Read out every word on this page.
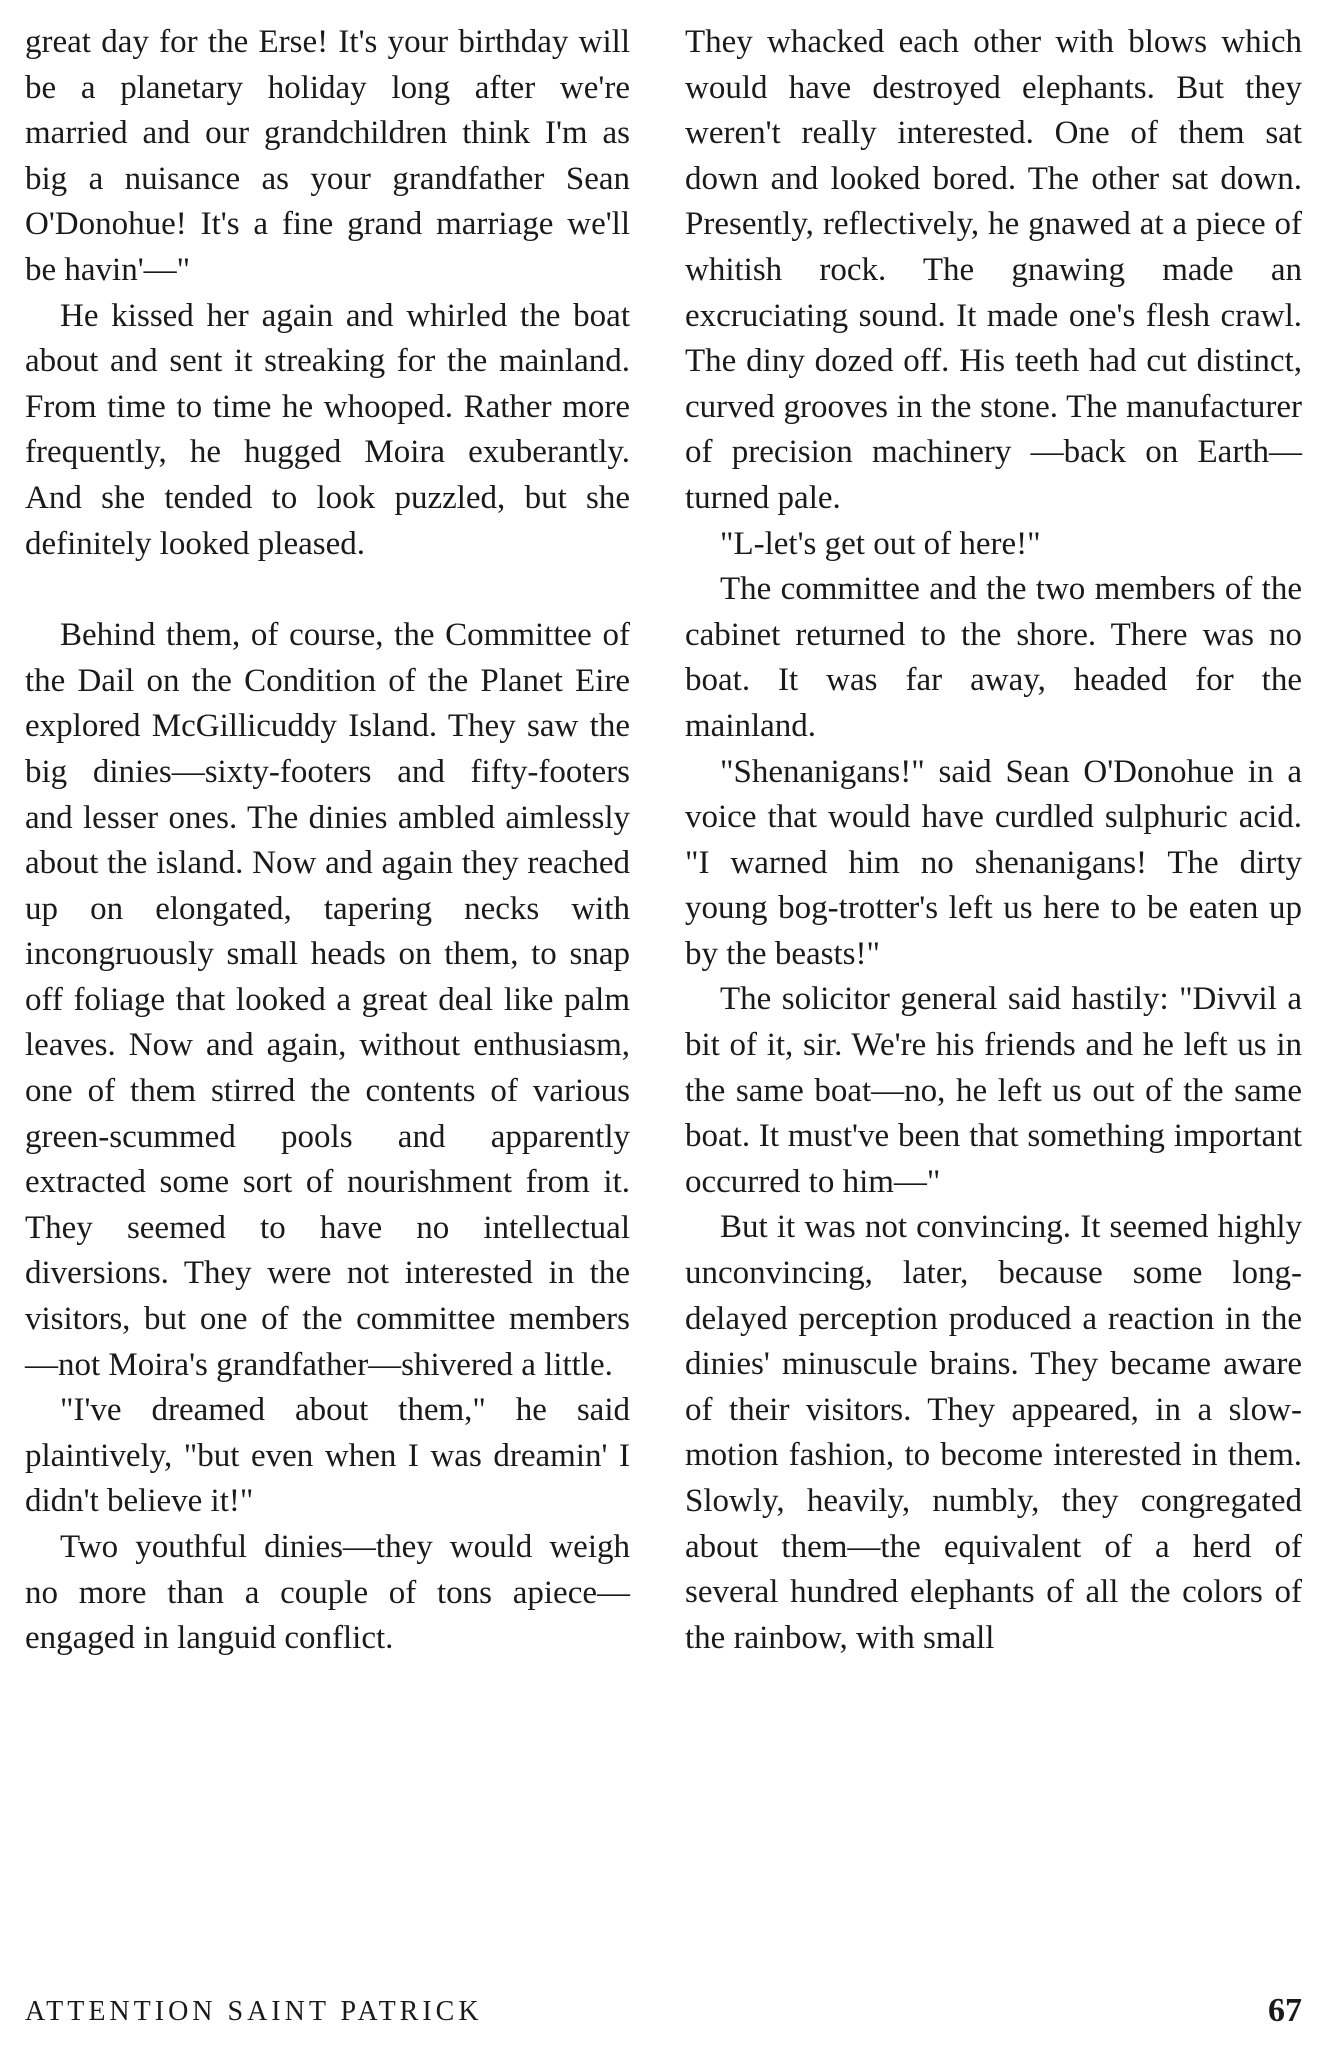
great day for the Erse! It's your birthday will be a planetary holiday long after we're married and our grandchildren think I'm as big a nuisance as your grandfather Sean O'Donohue! It's a fine grand marriage we'll be havin'—"

He kissed her again and whirled the boat about and sent it streaking for the mainland. From time to time he whooped. Rather more frequently, he hugged Moira exuberantly. And she tended to look puzzled, but she definitely looked pleased.

Behind them, of course, the Committee of the Dail on the Condition of the Planet Eire explored McGillicuddy Island. They saw the big dinies—sixty-footers and fifty-footers and lesser ones. The dinies ambled aimlessly about the island. Now and again they reached up on elongated, tapering necks with incongruously small heads on them, to snap off foliage that looked a great deal like palm leaves. Now and again, without enthusiasm, one of them stirred the contents of various green-scummed pools and apparently extracted some sort of nourishment from it. They seemed to have no intellectual diversions. They were not interested in the visitors, but one of the committee members—not Moira's grandfather—shivered a little.

"I've dreamed about them," he said plaintively, "but even when I was dreamin' I didn't believe it!"

Two youthful dinies—they would weigh no more than a couple of tons apiece—engaged in languid conflict.

They whacked each other with blows which would have destroyed elephants. But they weren't really interested. One of them sat down and looked bored. The other sat down. Presently, reflectively, he gnawed at a piece of whitish rock. The gnawing made an excruciating sound. It made one's flesh crawl. The diny dozed off. His teeth had cut distinct, curved grooves in the stone. The manufacturer of precision machinery —back on Earth—turned pale.

"L-let's get out of here!"

The committee and the two members of the cabinet returned to the shore. There was no boat. It was far away, headed for the mainland.

"Shenanigans!" said Sean O'Donohue in a voice that would have curdled sulphuric acid. "I warned him no shenanigans! The dirty young bog-trotter's left us here to be eaten up by the beasts!"

The solicitor general said hastily: "Divvil a bit of it, sir. We're his friends and he left us in the same boat—no, he left us out of the same boat. It must've been that something important occurred to him—"

But it was not convincing. It seemed highly unconvincing, later, because some long-delayed perception produced a reaction in the dinies' minuscule brains. They became aware of their visitors. They appeared, in a slow-motion fashion, to become interested in them. Slowly, heavily, numbly, they congregated about them—the equivalent of a herd of several hundred elephants of all the colors of the rainbow, with small

ATTENTION SAINT PATRICK	67
